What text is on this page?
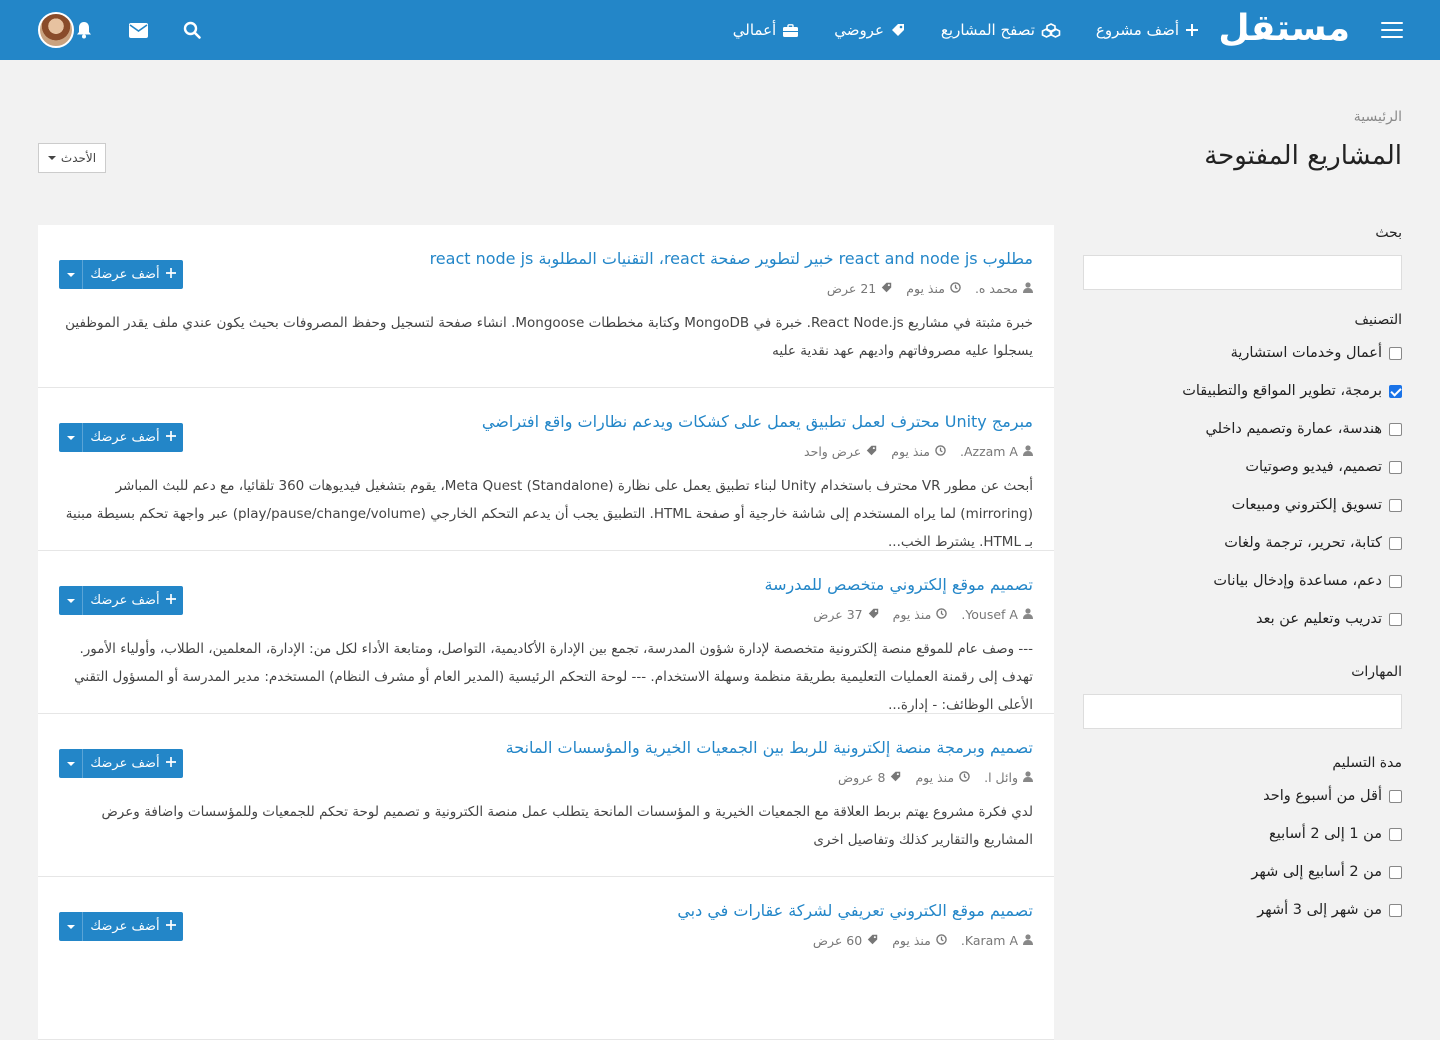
مستقل
أضف مشروع
تصفح المشاريع
عروضي
أعمالي
الرئيسية
المشاريع المفتوحة
الأحدث
بحث
التصنيف
أعمال وخدمات استشارية
برمجة، تطوير المواقع والتطبيقات
هندسة، عمارة وتصميم داخلي
تصميم، فيديو وصوتيات
تسويق إلكتروني ومبيعات
كتابة، تحرير، ترجمة ولغات
دعم، مساعدة وإدخال بيانات
تدريب وتعليم عن بعد
المهارات
مدة التسليم
أقل من أسبوع واحد
من 1 إلى 2 أسابيع
من 2 أسابيع إلى شهر
من شهر إلى 3 أشهر
مطلوب react and node js خبير لتطوير صفحة react، التقنيات المطلوبة react node js
محمد ه.
منذ يوم
21 عرض
خبرة مثبتة في مشاريع React Node.js. خبرة في MongoDB وكتابة مخططات Mongoose. انشاء صفحة لتسجيل وحفظ المصروفات بحيث يكون عندي ملف يقدر الموظفين يسجلوا عليه مصروفاتهم واديهم عهد نقدية عليه
أضف عرضك
مبرمج Unity محترف لعمل تطبيق يعمل على كشكات ويدعم نظارات واقع افتراضي
Azzam A.
منذ يوم
عرض واحد
أبحث عن مطور VR محترف باستخدام Unity لبناء تطبيق يعمل على نظارة Meta Quest (Standalone)، يقوم بتشغيل فيديوهات 360 تلقائيا، مع دعم للبث المباشر (mirroring) لما يراه المستخدم إلى شاشة خارجية أو صفحة HTML. التطبيق يجب أن يدعم التحكم الخارجي (play/pause/change/volume) عبر واجهة تحكم بسيطة مبنية بـ HTML. يشترط الخب...
أضف عرضك
تصميم موقع إلكتروني متخصص للمدرسة
Yousef A.
منذ يوم
37 عرض
--- وصف عام للموقع منصة إلكترونية متخصصة لإدارة شؤون المدرسة، تجمع بين الإدارة الأكاديمية، التواصل، ومتابعة الأداء لكل من: الإدارة، المعلمين، الطلاب، وأولياء الأمور. تهدف إلى رقمنة العمليات التعليمية بطريقة منظمة وسهلة الاستخدام. --- لوحة التحكم الرئيسية (المدير العام أو مشرف النظام) المستخدم: مدير المدرسة أو المسؤول التقني الأعلى الوظائف: - إدارة...
أضف عرضك
تصميم وبرمجة منصة إلكترونية للربط بين الجمعيات الخيرية والمؤسسات المانحة
وائل ا.
منذ يوم
8 عروض
لدي فكرة مشروع يهتم بربط العلاقة مع الجمعيات الخيرية و المؤسسات المانحة يتطلب عمل منصة الكترونية و تصميم لوحة تحكم للجمعيات وللمؤسسات واضافة وعرض المشاريع والتقارير كذلك وتفاصيل اخرى
أضف عرضك
تصميم موقع الكتروني تعريفي لشركة عقارات في دبي
Karam A.
منذ يوم
60 عرض
أضف عرضك
